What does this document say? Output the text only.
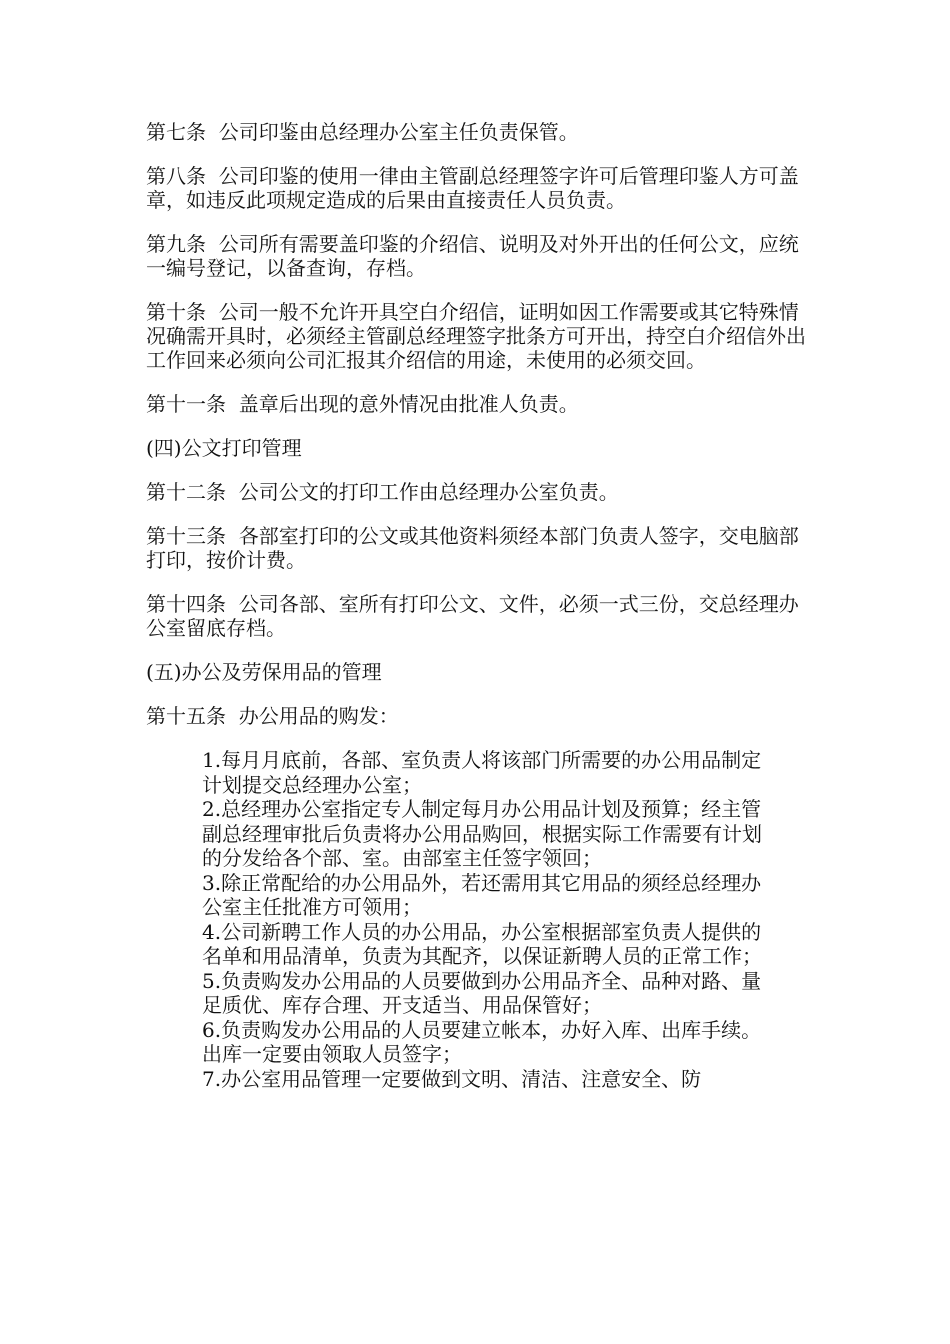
第七条  公司印鉴由总经理办公室主任负责保管。

第八条  公司印鉴的使用一律由主管副总经理签字许可后管理印鉴人方可盖章，如违反此项规定造成的后果由直接责任人员负责。

第九条  公司所有需要盖印鉴的介绍信、说明及对外开出的任何公文，应统一编号登记，以备查询，存档。

第十条  公司一般不允许开具空白介绍信，证明如因工作需要或其它特殊情况确需开具时，必须经主管副总经理签字批条方可开出，持空白介绍信外出工作回来必须向公司汇报其介绍信的用途，未使用的必须交回。

第十一条  盖章后出现的意外情况由批准人负责。

(四)公文打印管理

第十二条  公司公文的打印工作由总经理办公室负责。

第十三条  各部室打印的公文或其他资料须经本部门负责人签字，交电脑部打印，按价计费。

第十四条  公司各部、室所有打印公文、文件，必须一式三份，交总经理办公室留底存档。

(五)办公及劳保用品的管理

第十五条  办公用品的购发：

1.每月月底前，各部、室负责人将该部门所需要的办公用品制定计划提交总经理办公室；
2.总经理办公室指定专人制定每月办公用品计划及预算；经主管副总经理审批后负责将办公用品购回，根据实际工作需要有计划的分发给各个部、室。由部室主任签字领回；
3.除正常配给的办公用品外，若还需用其它用品的须经总经理办公室主任批准方可领用；
4.公司新聘工作人员的办公用品，办公室根据部室负责人提供的名单和用品清单，负责为其配齐，以保证新聘人员的正常工作；
5.负责购发办公用品的人员要做到办公用品齐全、品种对路、量足质优、库存合理、开支适当、用品保管好；
6.负责购发办公用品的人员要建立帐本，办好入库、出库手续。出库一定要由领取人员签字；
7.办公室用品管理一定要做到文明、清洁、注意安全、防
